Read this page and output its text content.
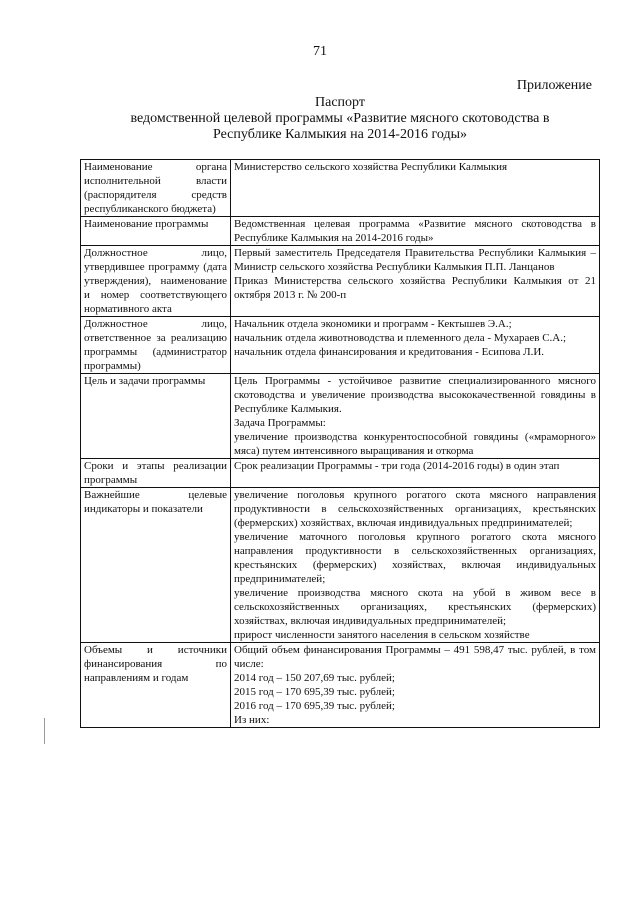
71
Приложение
Паспорт
ведомственной целевой программы «Развитие мясного скотоводства в
Республике Калмыкия на 2014-2016 годы»
Наименование органа исполнительной власти (распорядителя средств республиканского бюджета)	Министерство сельского хозяйства Республики Калмыкия

Наименование программы	Ведомственная целевая программа «Развитие мясного скотоводства в Республике Калмыкия на 2014-2016 годы»

Должностное лицо, утвердившее программу (дата утверждения), наименование и номер соответствующего нормативного акта	Первый заместитель Председателя Правительства Республики Калмыкия – Министр сельского хозяйства Республики Калмыкия П.П. Ланцанов
Приказ Министерства сельского хозяйства Республики Калмыкия от 21 октября 2013 г. № 200-п

Должностное лицо, ответственное за реализацию программы (администратор программы)	Начальник отдела экономики и программ - Кектышев Э.А.;
начальник отдела животноводства и племенного дела - Мухараев С.А.;
начальник отдела финансирования и кредитования - Есипова Л.И.

Цель и задачи программы	Цель Программы - устойчивое развитие специализированного мясного скотоводства и увеличение производства высококачественной говядины в Республике Калмыкия.
Задача Программы:
увеличение производства конкурентоспособной говядины («мраморного» мяса) путем интенсивного выращивания и откорма

Сроки и этапы реализации программы	Срок реализации Программы - три года (2014-2016 годы) в один этап

Важнейшие целевые индикаторы и показатели	увеличение поголовья крупного рогатого скота мясного направления продуктивности в сельскохозяйственных организациях, крестьянских (фермерских) хозяйствах, включая индивидуальных предпринимателей;
увеличение маточного поголовья крупного рогатого скота мясного направления продуктивности в сельскохозяйственных организациях, крестьянских (фермерских) хозяйствах, включая индивидуальных предпринимателей;
увеличение производства мясного скота на убой в живом весе в сельскохозяйственных организациях, крестьянских (фермерских) хозяйствах, включая индивидуальных предпринимателей;
прирост численности занятого населения в сельском хозяйстве

Объемы и источники финансирования по направлениям и годам	Общий объем финансирования Программы – 491 598,47 тыс. рублей, в том числе:
2014 год – 150 207,69 тыс. рублей;
2015 год – 170 695,39 тыс. рублей;
2016 год – 170 695,39 тыс. рублей;
Из них:
